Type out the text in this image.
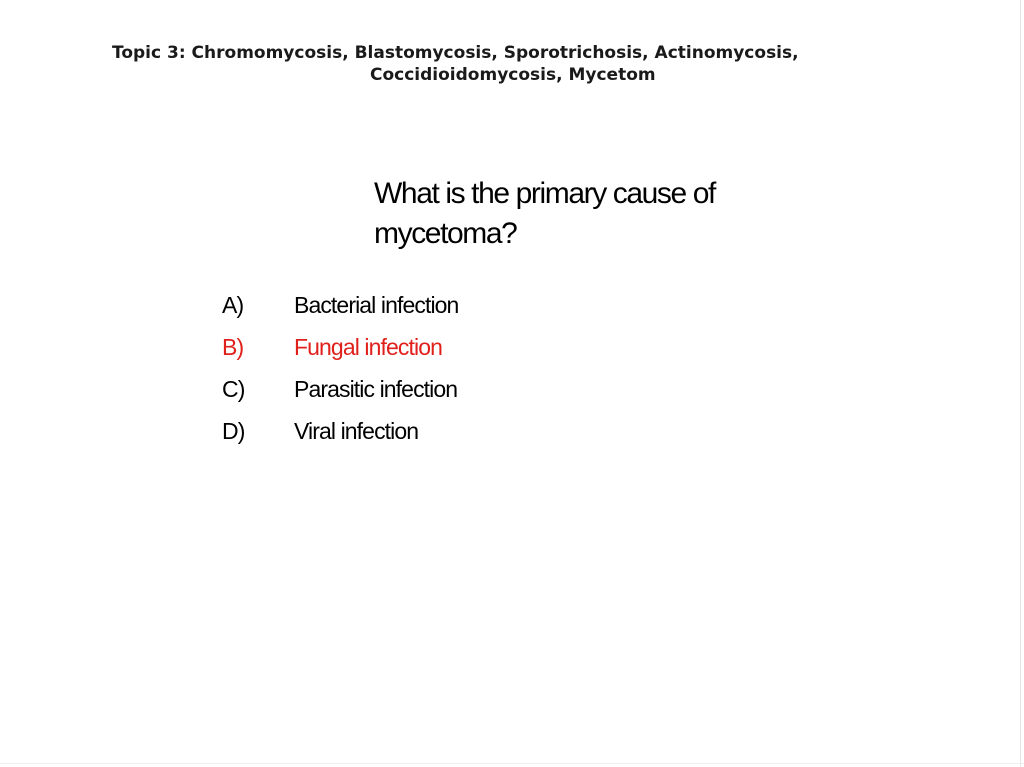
Topic 3: Chromomycosis, Blastomycosis, Sporotrichosis, Actinomycosis,
Coccidioidomycosis, Mycetom
What is the primary cause of
mycetoma?
A)	Bacterial infection
B)	Fungal infection
C)	Parasitic infection
D)	Viral infection
